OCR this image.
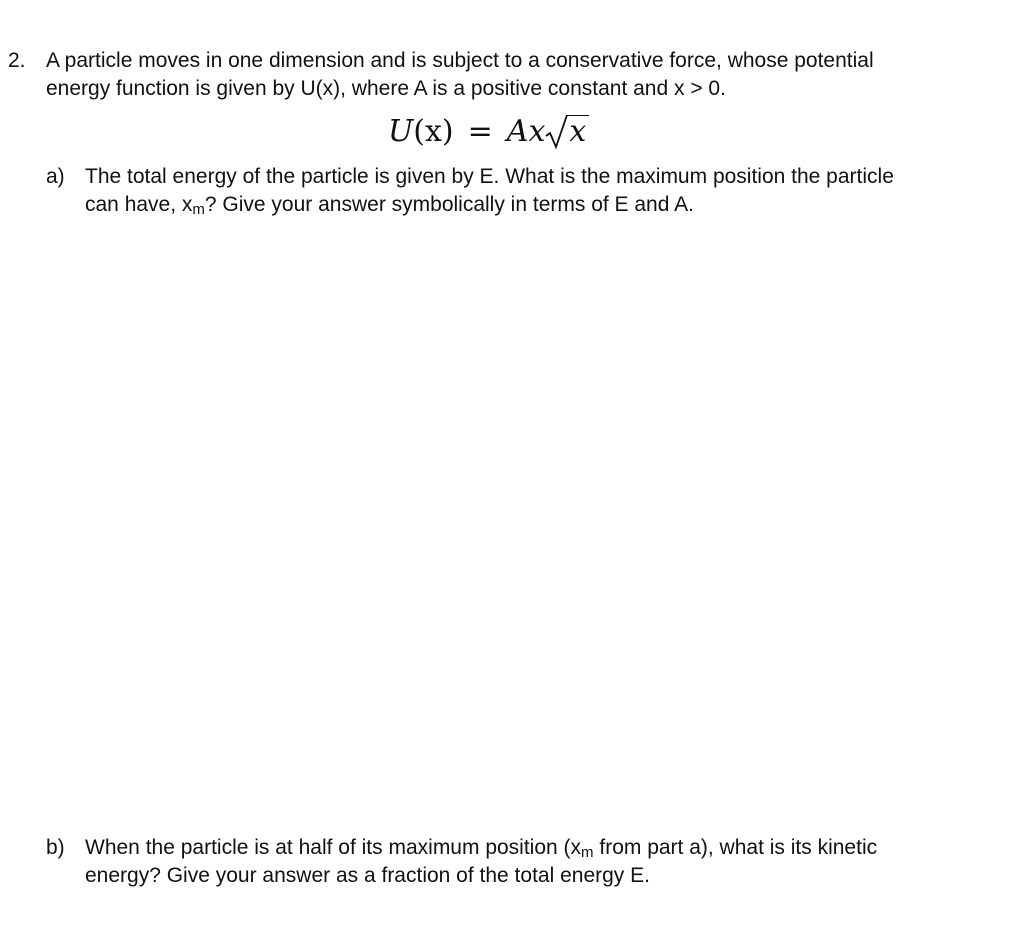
2. A particle moves in one dimension and is subject to a conservative force, whose potential
energy function is given by U(x), where A is a positive constant and x > 0.
U(x) = Ax x
a) The total energy of the particle is given by E. What is the maximum position the particle
can have, $x_m$? Give your answer symbolically in terms of E and A.
b) When the particle is at half of its maximum position ($x_m$ from part a), what is its kinetic
energy? Give your answer as a fraction of the total energy E.
